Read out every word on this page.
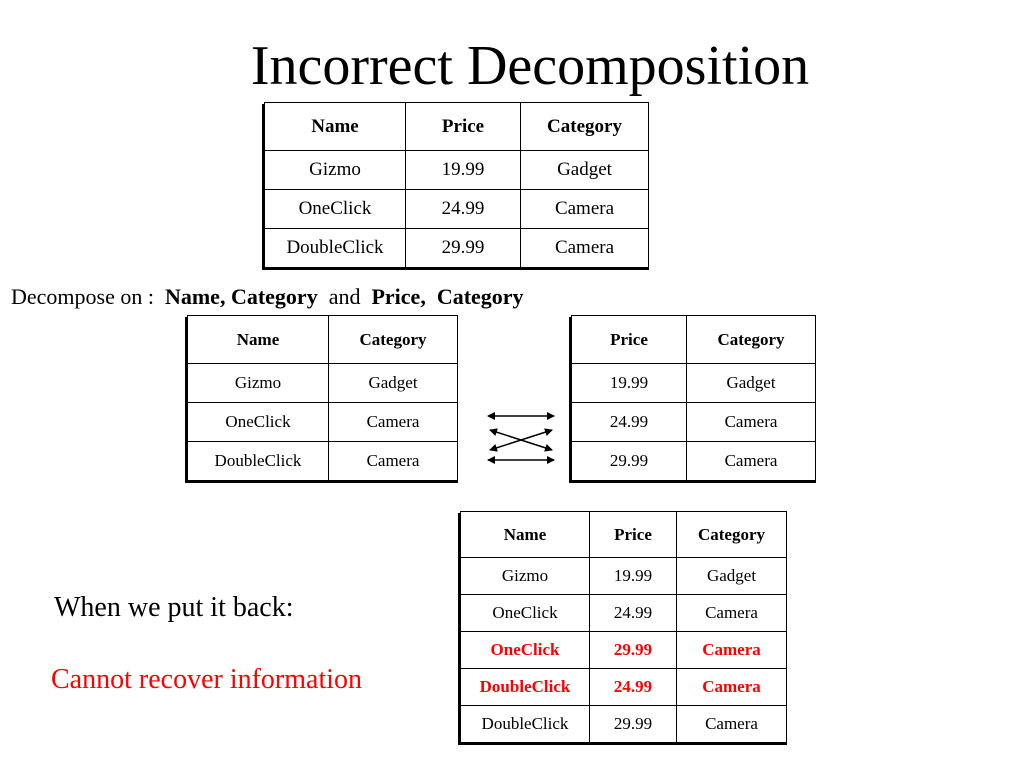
Incorrect Decomposition
Name	Price	Category
Gizmo	19.99	Gadget
OneClick	24.99	Camera
DoubleClick	29.99	Camera
Decompose on : Name, Category and Price,  Category
Name	Category
Gizmo	Gadget
OneClick	Camera
DoubleClick	Camera
Price	Category
19.99	Gadget
24.99	Camera
29.99	Camera
When we put it back:
Cannot recover information
Name	Price	Category
Gizmo	19.99	Gadget
OneClick	24.99	Camera
OneClick	29.99	Camera
DoubleClick	24.99	Camera
DoubleClick	29.99	Camera
